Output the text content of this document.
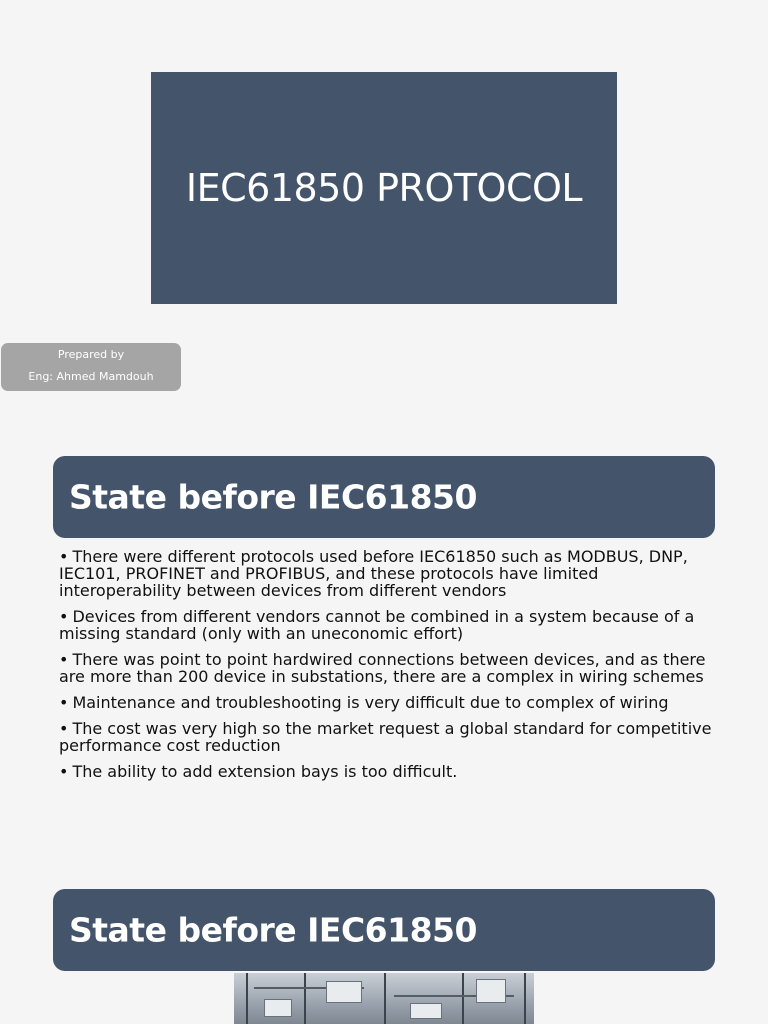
IEC61850 PROTOCOL
Prepared by
Eng: Ahmed Mamdouh
State before IEC61850
• There were different protocols used before IEC61850 such as MODBUS, DNP, IEC101, PROFINET and PROFIBUS, and these protocols have limited interoperability between devices from different vendors
• Devices from different vendors cannot be combined in a system because of a missing standard (only with an uneconomic effort)
• There was point to point hardwired connections between devices, and as there are more than 200 device in substations, there are a complex in wiring schemes
• Maintenance and troubleshooting is very difficult due to complex of wiring
• The cost was very high so the market request a global standard for competitive performance cost reduction
• The ability to add extension bays is too difficult.
State before IEC61850
